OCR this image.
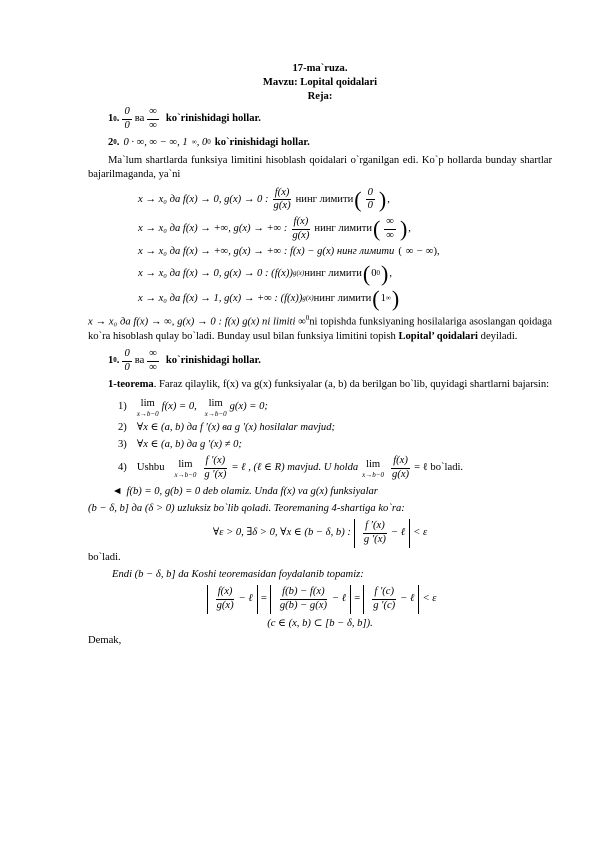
17-ma`ruza.
Mavzu: Lopital qoidalari
Reja:
1 0 . $\frac{0}{0}$ ва $\frac{\infty}{\infty}$ ko`rinishidagi hollar.
2 0 . 0 · ∞, ∞ − ∞, 1 ∞ , 0 0 ko`rinishidagi hollar.

Ma`lum shartlarda funksiya limitini hisoblash qoidalari o`rganilgan edi. Ko`p hollarda bunday shartlar bajarilmaganda, ya`ni

x → x₀ да f(x) → 0, g(x) → 0 : $\frac{f(x)}{g(x)}$ нинг лимити ( $\frac{0}{0}$ ) ,
x → x₀ да f(x) → +∞, g(x) → +∞ : $\frac{f(x)}{g(x)}$ нинг лимити ( $\frac{\infty}{\infty}$ ) ,
x → x₀ да f(x) → +∞, g(x) → +∞ : f(x) − g(x) нинг лимити ( ∞ − ∞ ) ,
x → x₀ да f(x) → 0, g(x) → 0 : (f(x)) g(x) нинг лимити ( 0 0 ) ,
x → x₀ да f(x) → 1, g(x) → +∞ : (f(x)) g(x) нинг лимити ( 1 ∞ )

x → x₀ да f(x) → ∞, g(x) → 0 : f(x) g(x) ni limiti ∞$^0$ni topishda funksiyaning hosilalariga asoslangan qoidaga ko`ra hisoblash qulay bo`ladi. Bunday usul bilan funksiya limitini topish Lopital’ qoidalari deyiladi.

1 0 . $\frac{0}{0}$ ва $\frac{\infty}{\infty}$ ko`rinishidagi hollar.

1-teorema. Faraz qilaylik, f(x) va g(x) funksiyalar (a, b) da berilgan bo`lib, quyidagi shartlarni bajarsin:

1) lim
x→b−0
f(x) = 0, lim
x→b−0
g(x) = 0;
2) ∀x ∈ (a, b) да f ′(x) ва g ′(x) hosilalar mavjud;
3) ∀x ∈ (a, b) да g ′(x) ≠ 0;
4) Ushbu lim
$x\to b-0 \frac{f '(x)}{g '(x)}$ = ℓ , (ℓ ∈ R) mavjud. U holda lim
$x\to b-0 \frac{f(x)}{g(x)}$ = ℓ bo`ladi.
◄ f(b) = 0, g(b) = 0 deb olamiz. Unda f(x) va g(x) funksiyalar
(b − δ, b] да (δ > 0) uzluksiz bo`lib qoladi. Teoremaning 4-shartiga ko`ra:
∀ε > 0, ∃δ > 0, ∀x ∈ (b − δ, b) : $\frac{f '(x)}{g '(x)}$ − ℓ < ε
bo`ladi.
Endi (b − δ, b] da Koshi teoremasidan foydalanib topamiz:
$\frac{f(x)}{g(x)}$ − ℓ = $\frac{f(b) - f(x)}{g(b) - g(x)}$ − ℓ = $\frac{f '(c)}{g '(c)}$ − ℓ < ε
(c ∈ (x, b) ⊂ [b − δ, b]).
Demak,
